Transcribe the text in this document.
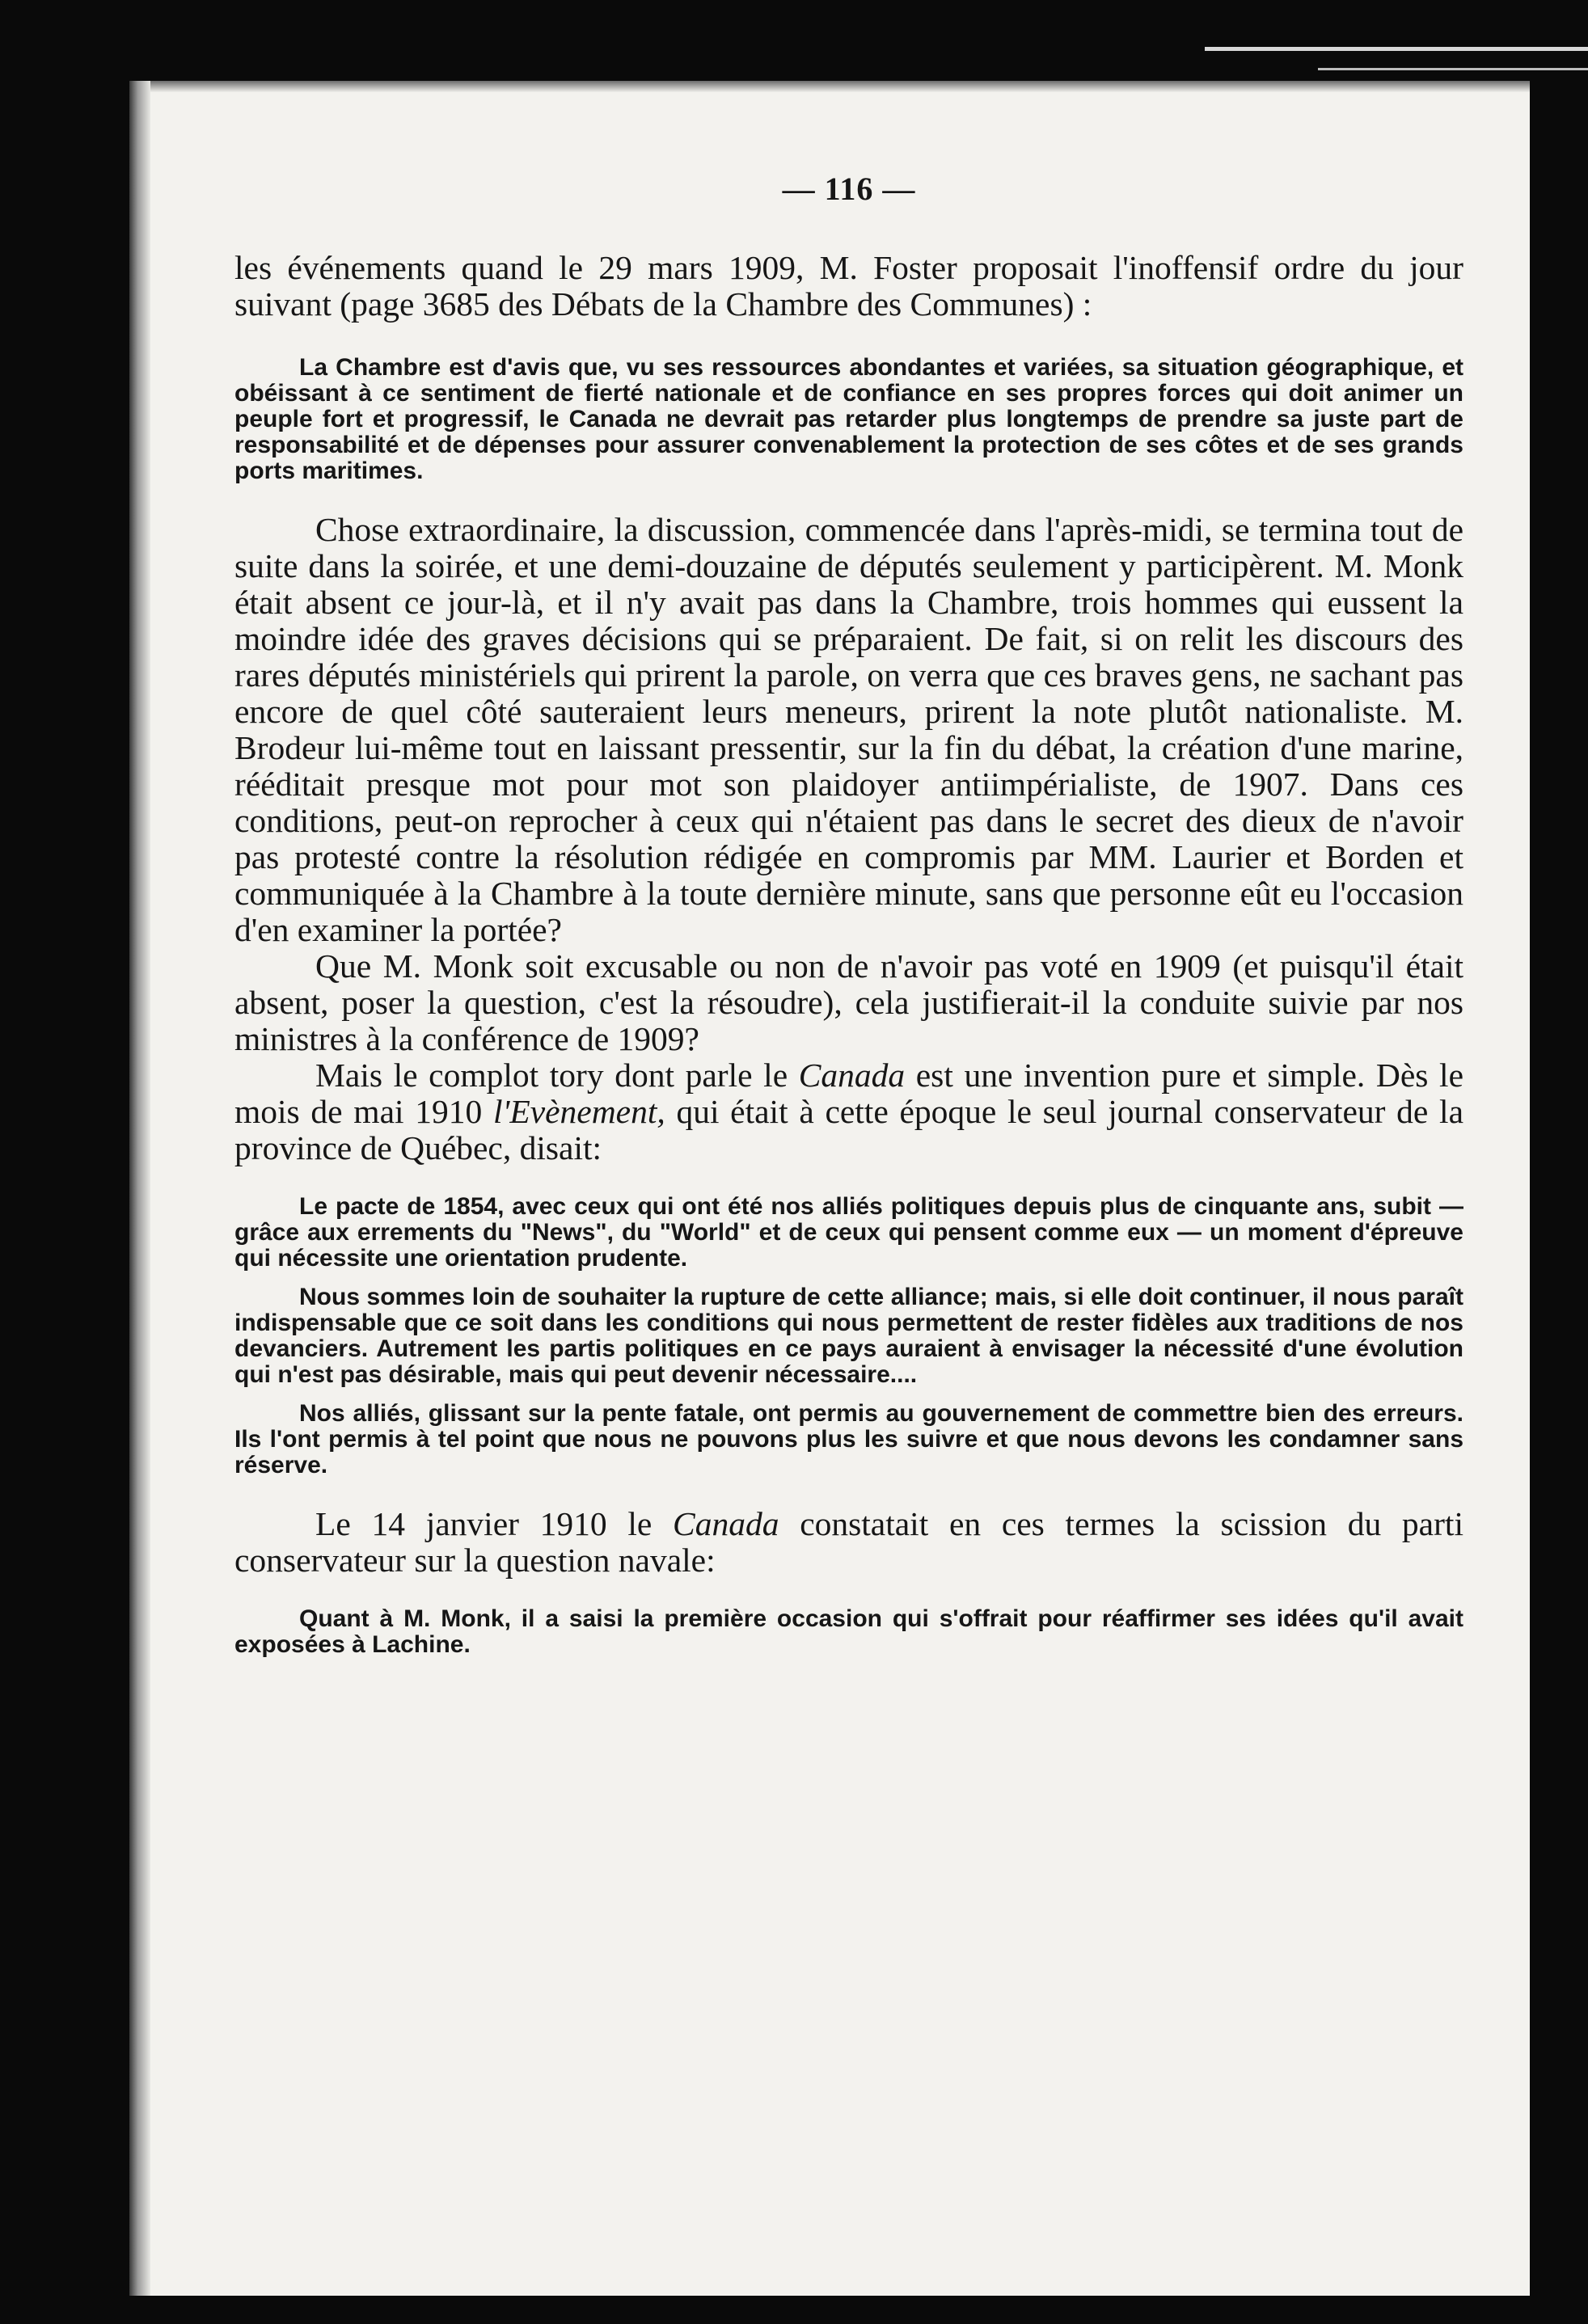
— 116 —

les événements quand le 29 mars 1909, M. Foster proposait l'inoffensif ordre du jour suivant (page 3685 des Débats de la Chambre des Communes) :

La Chambre est d'avis que, vu ses ressources abondantes et variées, sa situation géographique, et obéissant à ce sentiment de fierté nationale et de confiance en ses propres forces qui doit animer un peuple fort et progressif, le Canada ne devrait pas retarder plus longtemps de prendre sa juste part de responsabilité et de dépenses pour assurer convenablement la protection de ses côtes et de ses grands ports maritimes.

Chose extraordinaire, la discussion, commencée dans l'après-midi, se termina tout de suite dans la soirée, et une demi-douzaine de députés seulement y participèrent. M. Monk était absent ce jour-là, et il n'y avait pas dans la Chambre, trois hommes qui eussent la moindre idée des graves décisions qui se préparaient. De fait, si on relit les discours des rares députés ministériels qui prirent la parole, on verra que ces braves gens, ne sachant pas encore de quel côté sauteraient leurs meneurs, prirent la note plutôt nationaliste. M. Brodeur lui-même tout en laissant pressentir, sur la fin du débat, la création d'une marine, rééditait presque mot pour mot son plaidoyer antiimpérialiste, de 1907. Dans ces conditions, peut-on reprocher à ceux qui n'étaient pas dans le secret des dieux de n'avoir pas protesté contre la résolution rédigée en compromis par MM. Laurier et Borden et communiquée à la Chambre à la toute dernière minute, sans que personne eût eu l'occasion d'en examiner la portée?

Que M. Monk soit excusable ou non de n'avoir pas voté en 1909 (et puisqu'il était absent, poser la question, c'est la résoudre), cela justifierait-il la conduite suivie par nos ministres à la conférence de 1909?

Mais le complot tory dont parle le Canada est une invention pure et simple. Dès le mois de mai 1910 l'Evènement, qui était à cette époque le seul journal conservateur de la province de Québec, disait:

Le pacte de 1854, avec ceux qui ont été nos alliés politiques depuis plus de cinquante ans, subit — grâce aux errements du "News", du "World" et de ceux qui pensent comme eux — un moment d'épreuve qui nécessite une orientation prudente.

Nous sommes loin de souhaiter la rupture de cette alliance; mais, si elle doit continuer, il nous paraît indispensable que ce soit dans les conditions qui nous permettent de rester fidèles aux traditions de nos devanciers. Autrement les partis politiques en ce pays auraient à envisager la nécessité d'une évolution qui n'est pas désirable, mais qui peut devenir nécessaire....

Nos alliés, glissant sur la pente fatale, ont permis au gouvernement de commettre bien des erreurs. Ils l'ont permis à tel point que nous ne pouvons plus les suivre et que nous devons les condamner sans réserve.

Le 14 janvier 1910 le Canada constatait en ces termes la scission du parti conservateur sur la question navale:

Quant à M. Monk, il a saisi la première occasion qui s'offrait pour réaffirmer ses idées qu'il avait exposées à Lachine.
